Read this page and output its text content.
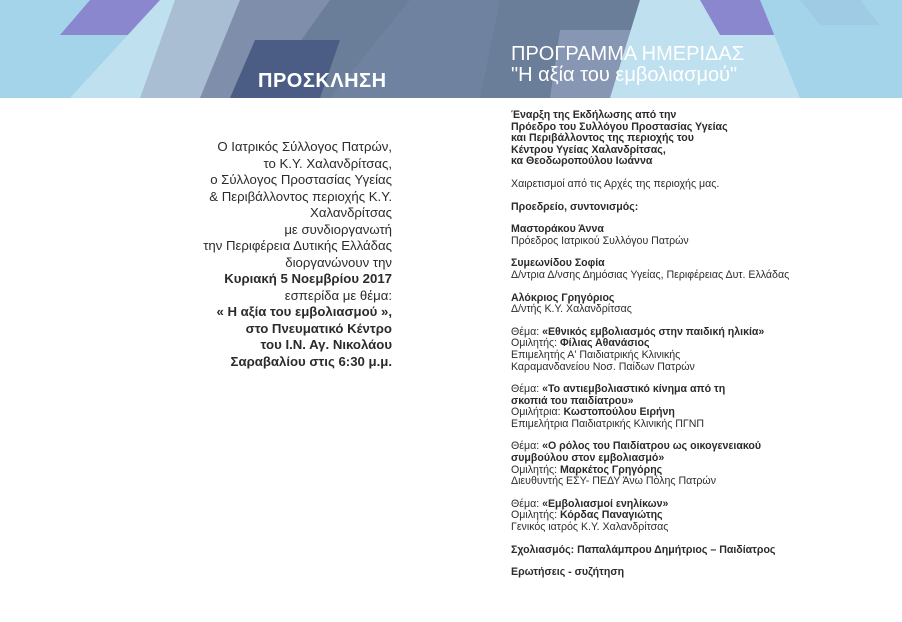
ΠΡΟΣΚΛΗΣΗ
ΠΡΟΓΡΑΜΜΑ ΗΜΕΡΙΔΑΣ
"Η αξία του εμβολιασμού"
Ο Ιατρικός Σύλλογος Πατρών,
το Κ.Υ. Χαλανδρίτσας,
ο Σύλλογος Προστασίας Υγείας
& Περιβάλλοντος περιοχής Κ.Υ.
Χαλανδρίτσας
με συνδιοργανωτή
την Περιφέρεια Δυτικής Ελλάδας
διοργανώνουν την
Κυριακή 5 Νοεμβρίου 2017
εσπερίδα με θέμα:
« Η αξία του εμβολιασμού »,
στο Πνευματικό Κέντρο
του Ι.Ν. Αγ. Νικολάου
Σαραβαλίου στις 6:30 μ.μ.
Έναρξη της Εκδήλωσης από την
Πρόεδρο του Συλλόγου Προστασίας Υγείας
και Περιβάλλοντος της περιοχής του
Κέντρου Υγείας Χαλανδρίτσας,
κα Θεοδωροπούλου Ιωάννα
Χαιρετισμοί από τις Αρχές της περιοχής μας.
Προεδρείο, συντονισμός:
Μαστοράκου Άννα
Πρόεδρος Ιατρικού Συλλόγου Πατρών
Συμεωνίδου Σοφία
Δ/ντρια Δ/νσης Δημόσιας Υγείας, Περιφέρειας Δυτ. Ελλάδας
Αλόκριος Γρηγόριος
Δ/ντής Κ.Υ. Χαλανδρίτσας
Θέμα: «Εθνικός εμβολιασμός στην παιδική ηλικία»
Ομιλητής: Φίλιας Αθανάσιος
Επιμελητής Α' Παιδιατρικής Κλινικής
Καραμανδανείου Νοσ. Παίδων Πατρών
Θέμα: «Το αντιεμβολιαστικό κίνημα από τη
σκοπιά του παιδίατρου»
Ομιλήτρια: Κωστοπούλου Ειρήνη
Επιμελήτρια Παιδιατρικής Κλινικής ΠΓΝΠ
Θέμα: «Ο ρόλος του Παιδίατρου ως οικογενειακού
συμβούλου στον εμβολιασμό»
Ομιλητής: Μαρκέτος Γρηγόρης
Διευθυντής ΕΣΥ- ΠΕΔΥ Άνω Πόλης Πατρών
Θέμα: «Εμβολιασμοί ενηλίκων»
Ομιλητής: Κόρδας Παναγιώτης
Γενικός ιατρός Κ.Υ. Χαλανδρίτσας
Σχολιασμός: Παπαλάμπρου Δημήτριος – Παιδίατρος
Ερωτήσεις - συζήτηση
